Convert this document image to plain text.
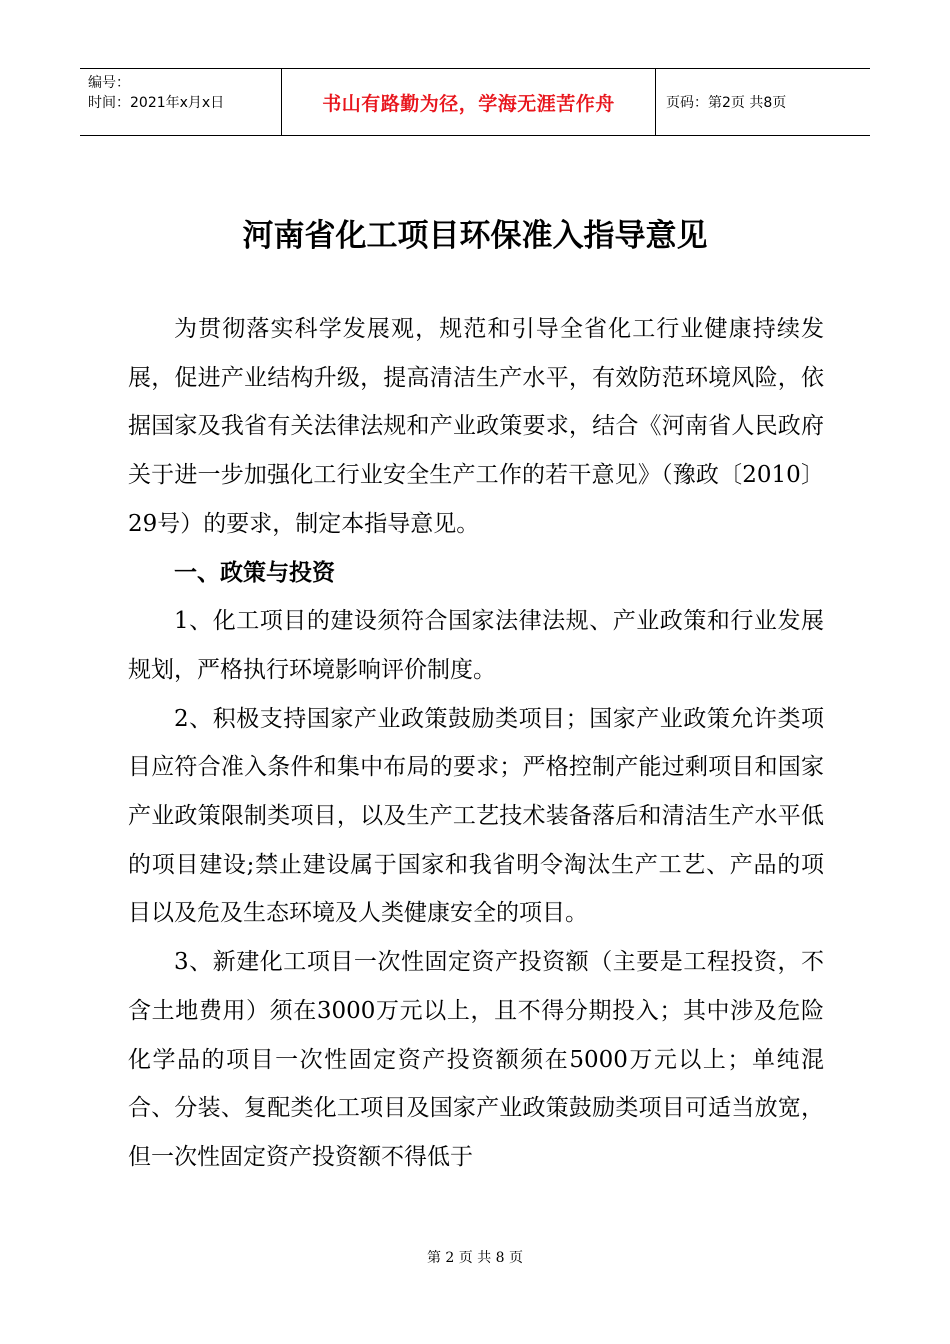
编号：
时间：2021年x月x日	书山有路勤为径，学海无涯苦作舟	页码：第2页 共8页
河南省化工项目环保准入指导意见

为贯彻落实科学发展观，规范和引导全省化工行业健康持续发展，促进产业结构升级，提高清洁生产水平，有效防范环境风险，依据国家及我省有关法律法规和产业政策要求，结合《河南省人民政府关于进一步加强化工行业安全生产工作的若干意见》（豫政〔2010〕29号）的要求，制定本指导意见。

一、政策与投资

1、化工项目的建设须符合国家法律法规、产业政策和行业发展规划，严格执行环境影响评价制度。

2、积极支持国家产业政策鼓励类项目；国家产业政策允许类项目应符合准入条件和集中布局的要求；严格控制产能过剩项目和国家产业政策限制类项目，以及生产工艺技术装备落后和清洁生产水平低的项目建设;禁止建设属于国家和我省明令淘汰生产工艺、产品的项目以及危及生态环境及人类健康安全的项目。

3、新建化工项目一次性固定资产投资额（主要是工程投资，不含土地费用）须在3000万元以上，且不得分期投入；其中涉及危险化学品的项目一次性固定资产投资额须在5000万元以上；单纯混合、分装、复配类化工项目及国家产业政策鼓励类项目可适当放宽，但一次性固定资产投资额不得低于

第 2 页 共 8 页
